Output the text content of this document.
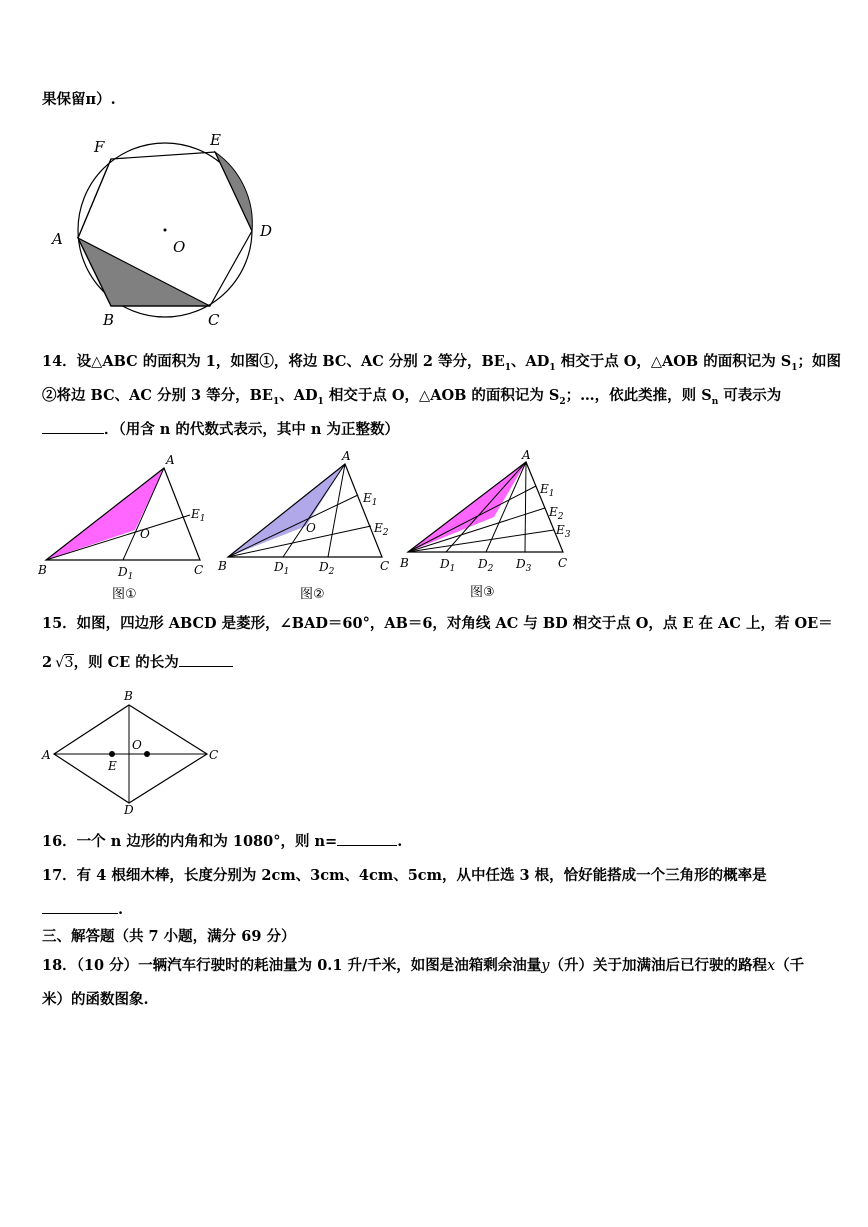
果保留π）.
F	E
A	O
D
B	C
14．设△ABC 的面积为 1，如图①，将边 BC、AC 分别 2 等分，$BE_1$、$AD_1$ 相交于点 O，△AOB 的面积记为 $S_1$；如图
②将边 BC、AC 分别 3 等分，$BE_1$、$AD_1$ 相交于点 O，△AOB 的面积记为 $S_2$；…，依此类推，则 $S_n$ 可表示为
．（用含 n 的代数式表示，其中 n 为正整数）
A
B	C
O
$E_1$
$D_1$
图①
A
B	C
O
$E_1$
$E_2$
$D_1$ $D_2$
图②
A
B	C
$E_1$
$E_2$
$E_3$
$D_1$ $D_2$ $D_3$
图③
15．如图，四边形 ABCD 是菱形，∠BAD＝60°，AB＝6，对角线 AC 与 BD 相交于点 O，点 E 在 AC 上，若 OE＝
2 √3，则 CE 的长为
A
B
C
D
O
E
16．一个 n 边形的内角和为 1080°，则 n=	.
17．有 4 根细木棒，长度分别为 2cm、3cm、4cm、5cm，从中任选 3 根，恰好能搭成一个三角形的概率是
.
三、解答题（共 7 小题，满分 69 分）
18．（10 分）一辆汽车行驶时的耗油量为 0.1 升/千米，如图是油箱剩余油量y（升）关于加满油后已行驶的路程x（千
米）的函数图象.
